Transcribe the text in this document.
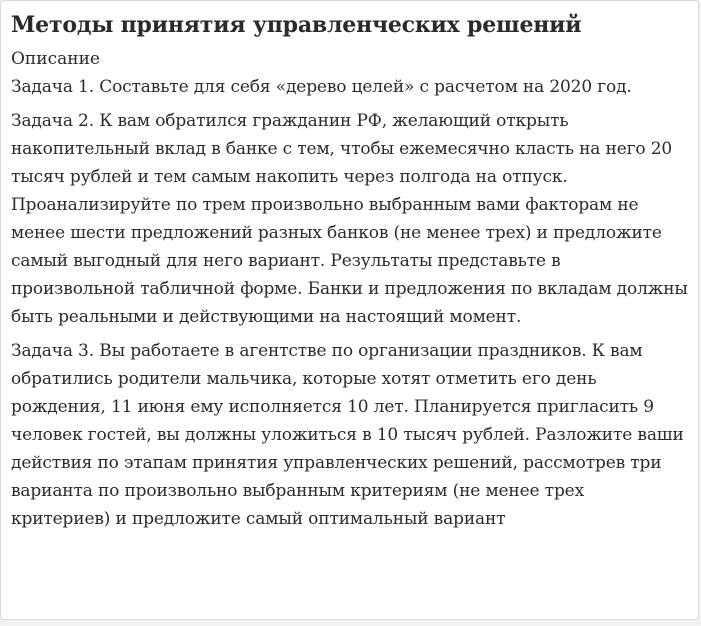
Методы принятия управленческих решений
Описание

Задача 1. Составьте для себя «дерево целей» с расчетом на 2020 год.

Задача 2. К вам обратился гражданин РФ, желающий открыть накопительный вклад в банке с тем, чтобы ежемесячно класть на него 20 тысяч рублей и тем самым накопить через полгода на отпуск. Проанализируйте по трем произвольно выбранным вами факторам не менее шести предложений разных банков (не менее трех) и предложите самый выгодный для него вариант. Результаты представьте в произвольной табличной форме. Банки и предложения по вкладам должны быть реальными и действующими на настоящий момент.

Задача 3. Вы работаете в агентстве по организации праздников. К вам обратились родители мальчика, которые хотят отметить его день рождения, 11 июня ему исполняется 10 лет. Планируется пригласить 9 человек гостей, вы должны уложиться в 10 тысяч рублей. Разложите ваши действия по этапам принятия управленческих решений, рассмотрев три варианта по произвольно выбранным критериям (не менее трех критериев) и предложите самый оптимальный вариант
